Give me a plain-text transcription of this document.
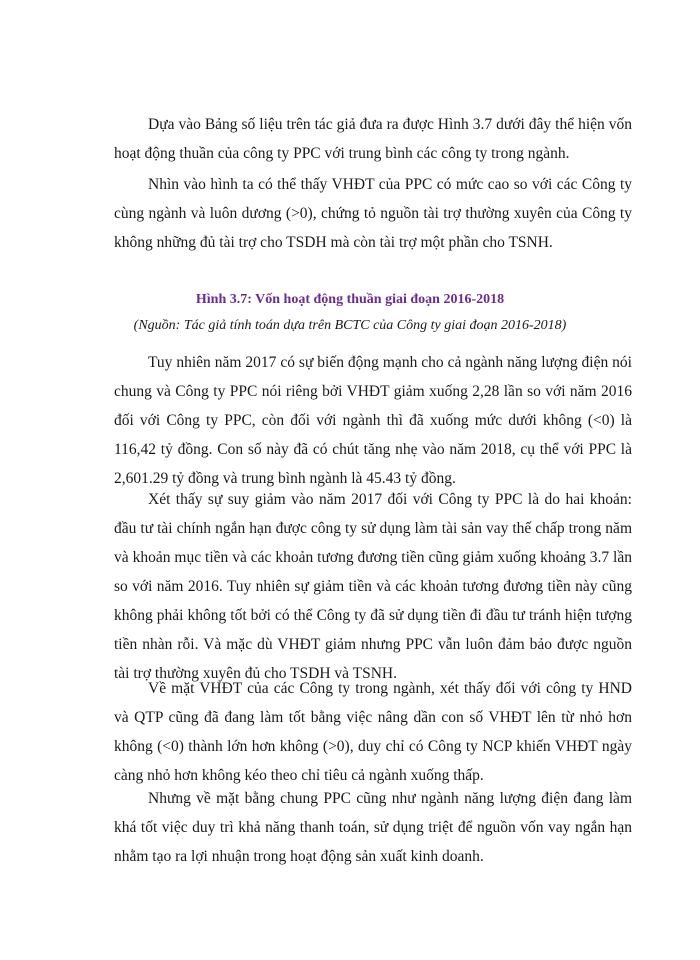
Dựa vào Bảng số liệu trên tác giả đưa ra được Hình 3.7 dưới đây thể hiện vốn hoạt động thuần của công ty PPC với trung bình các công ty trong ngành.

Nhìn vào hình ta có thể thấy VHĐT của PPC có mức cao so với các Công ty cùng ngành và luôn dương (>0), chứng tỏ nguồn tài trợ thường xuyên của Công ty không những đủ tài trợ cho TSDH mà còn tài trợ một phần cho TSNH.

Hình 3.7: Vốn hoạt động thuần giai đoạn 2016-2018

(Nguồn: Tác giả tính toán dựa trên BCTC của Công ty giai đoạn 2016-2018)

Tuy nhiên năm 2017 có sự biến động mạnh cho cả ngành năng lượng điện nói chung và Công ty PPC nói riêng bởi VHĐT giảm xuống 2,28 lần so với năm 2016 đối với Công ty PPC, còn đối với ngành thì đã xuống mức dưới không (<0) là 116,42 tỷ đồng. Con số này đã có chút tăng nhẹ vào năm 2018, cụ thể với PPC là 2,601.29 tỷ đồng và trung bình ngành là 45.43 tỷ đồng.

Xét thấy sự suy giảm vào năm 2017 đối với Công ty PPC là do hai khoản: đầu tư tài chính ngắn hạn được công ty sử dụng làm tài sản vay thế chấp trong năm và khoản mục tiền và các khoản tương đương tiền cũng giảm xuống khoảng 3.7 lần so với năm 2016. Tuy nhiên sự giảm tiền và các khoản tương đương tiền này cũng không phải không tốt bởi có thể Công ty đã sử dụng tiền đi đầu tư tránh hiện tượng tiền nhàn rỗi. Và mặc dù VHĐT giảm nhưng PPC vẫn luôn đảm bảo được nguồn tài trợ thường xuyên đủ cho TSDH và TSNH.

Về mặt VHĐT của các Công ty trong ngành, xét thấy đối với công ty HND và QTP cũng đã đang làm tốt bằng việc nâng dần con số VHĐT lên từ nhỏ hơn không (<0) thành lớn hơn không (>0), duy chỉ có Công ty NCP khiến VHĐT ngày càng nhỏ hơn không kéo theo chỉ tiêu cả ngành xuống thấp.

Nhưng về mặt bằng chung PPC cũng như ngành năng lượng điện đang làm khá tốt việc duy trì khả năng thanh toán, sử dụng triệt để nguồn vốn vay ngắn hạn nhằm tạo ra lợi nhuận trong hoạt động sản xuất kinh doanh.
